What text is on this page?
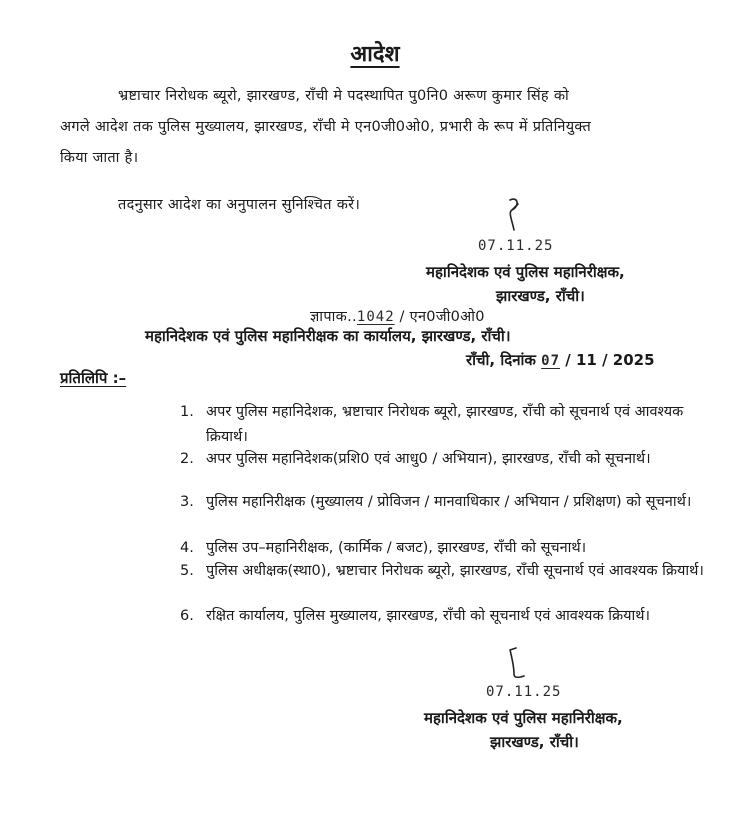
आदेश
भ्रष्टाचार निरोधक ब्यूरो, झारखण्ड, राँची मे पदस्थापित पु0नि0 अरूण कुमार सिंह को
अगले आदेश तक पुलिस मुख्यालय, झारखण्ड, राँची मे एन0जी0ओ0, प्रभारी के रूप में प्रतिनियुक्त
किया जाता है।
तदनुसार आदेश का अनुपालन सुनिश्चित करें।
07.11.25
महानिदेशक एवं पुलिस महानिरीक्षक,
झारखण्ड, राँची।
ज्ञापाक..1042 / एन0जी0ओ0
महानिदेशक एवं पुलिस महानिरीक्षक का कार्यालय, झारखण्ड, राँची।
राँची, दिनांक 07 / 11 / 2025
प्रतिलिपि :–
1. अपर पुलिस महानिदेशक, भ्रष्टाचार निरोधक ब्यूरो, झारखण्ड, राँची को सूचनार्थ एवं आवश्यक क्रियार्थ।
2. अपर पुलिस महानिदेशक(प्रशि0 एवं आधु0 / अभियान), झारखण्ड, राँची को सूचनार्थ।
3. पुलिस महानिरीक्षक (मुख्यालय / प्रोविजन / मानवाधिकार / अभियान / प्रशिक्षण) को सूचनार्थ।
4. पुलिस उप–महानिरीक्षक, (कार्मिक / बजट), झारखण्ड, राँची को सूचनार्थ।
5. पुलिस अधीक्षक(स्था0), भ्रष्टाचार निरोधक ब्यूरो, झारखण्ड, राँची सूचनार्थ एवं आवश्यक क्रियार्थ।
6. रक्षित कार्यालय, पुलिस मुख्यालय, झारखण्ड, राँची को सूचनार्थ एवं आवश्यक क्रियार्थ।
07.11.25
महानिदेशक एवं पुलिस महानिरीक्षक,
झारखण्ड, राँची।
